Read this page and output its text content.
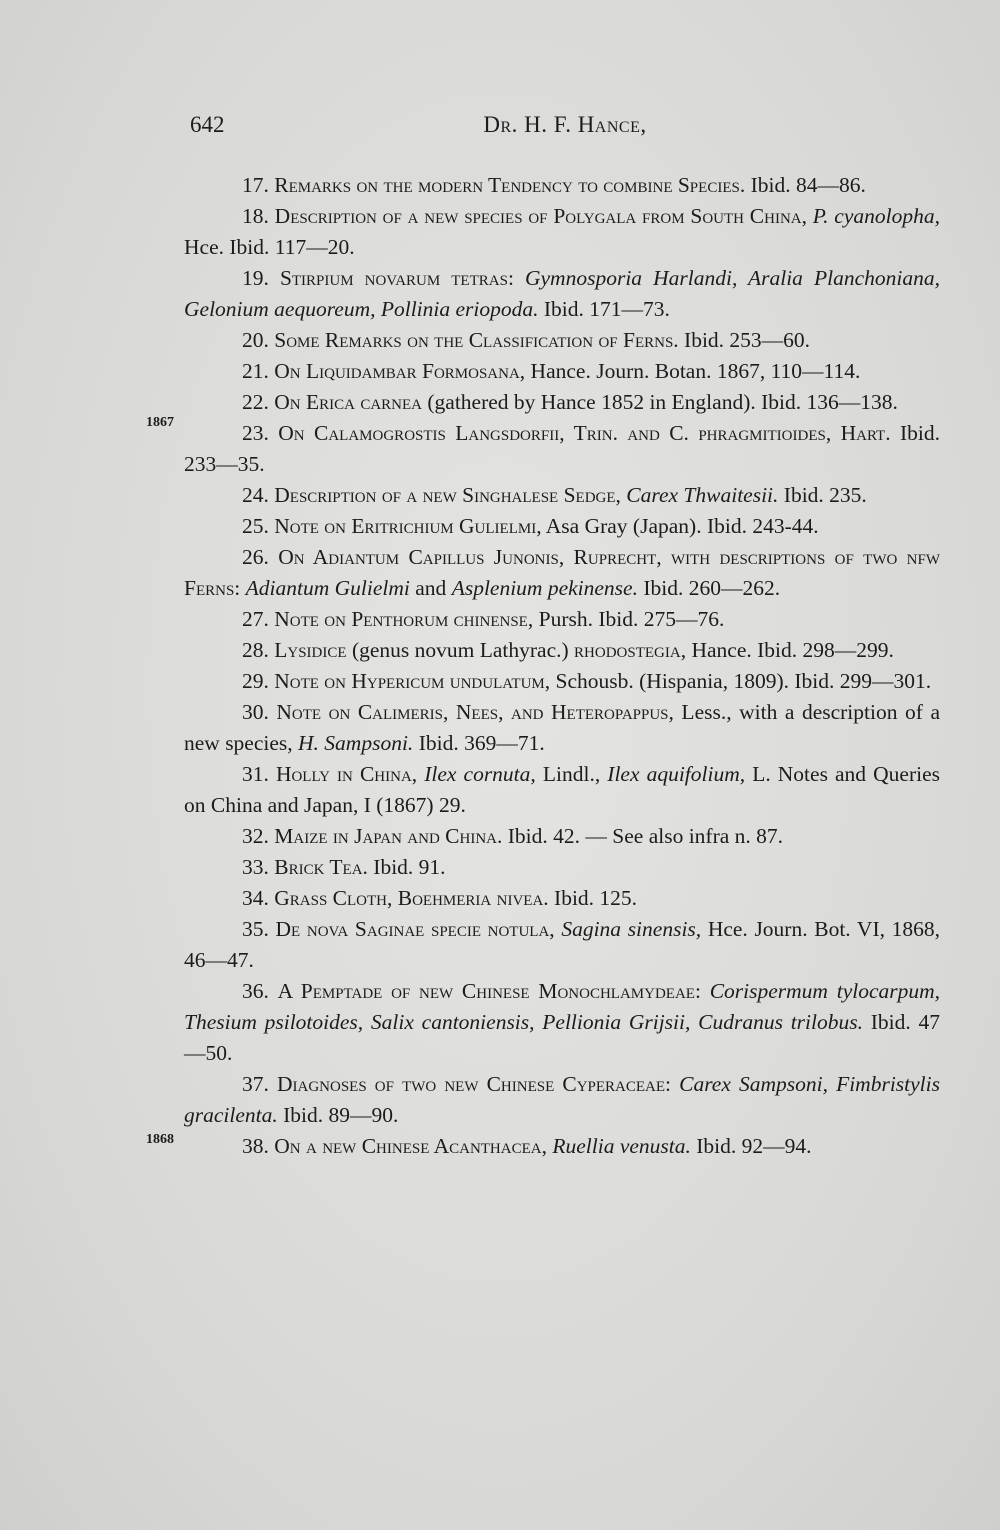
642	Dr. H. F. Hance,
1867
1868

17. Remarks on the modern Tendency to combine Species. Ibid. 84—86.

18. Description of a new species of Polygala from South China, P. cyanolopha, Hce. Ibid. 117—20.

19. Stirpium novarum tetras: Gymnosporia Harlandi, Aralia Planchoniana, Gelonium aequoreum, Pollinia eriopoda. Ibid. 171—73.

20. Some Remarks on the Classification of Ferns. Ibid. 253—60.

21. On Liquidambar Formosana, Hance. Journ. Botan. 1867, 110—114.

22. On Erica carnea (gathered by Hance 1852 in England). Ibid. 136—138.

23. On Calamogrostis Langsdorfii, Trin. and C. phragmitioides, Hart. Ibid. 233—35.

24. Description of a new Singhalese Sedge, Carex Thwaitesii. Ibid. 235.

25. Note on Eritrichium Gulielmi, Asa Gray (Japan). Ibid. 243-44.

26. On Adiantum Capillus Junonis, Ruprecht, with descriptions of two nfw Ferns: Adiantum Gulielmi and Asplenium pekinense. Ibid. 260—262.

27. Note on Penthorum chinense, Pursh. Ibid. 275—76.

28. Lysidice (genus novum Lathyrac.) rhodostegia, Hance. Ibid. 298—299.

29. Note on Hypericum undulatum, Schousb. (Hispania, 1809). Ibid. 299—301.

30. Note on Calimeris, Nees, and Heteropappus, Less., with a description of a new species, H. Sampsoni. Ibid. 369—71.

31. Holly in China, Ilex cornuta, Lindl., Ilex aquifolium, L. Notes and Queries on China and Japan, I (1867) 29.

32. Maize in Japan and China. Ibid. 42. — See also infra n. 87.

33. Brick Tea. Ibid. 91.

34. Grass Cloth, Boehmeria nivea. Ibid. 125.

35. De nova Saginae specie notula, Sagina sinensis, Hce. Journ. Bot. VI, 1868, 46—47.

36. A Pemptade of new Chinese Monochlamydeae: Corispermum tylocarpum, Thesium psilotoides, Salix cantoniensis, Pellionia Grijsii, Cudranus trilobus. Ibid. 47—50.

37. Diagnoses of two new Chinese Cyperaceae: Carex Sampsoni, Fimbristylis gracilenta. Ibid. 89—90.

38. On a new Chinese Acanthacea, Ruellia venusta. Ibid. 92—94.
